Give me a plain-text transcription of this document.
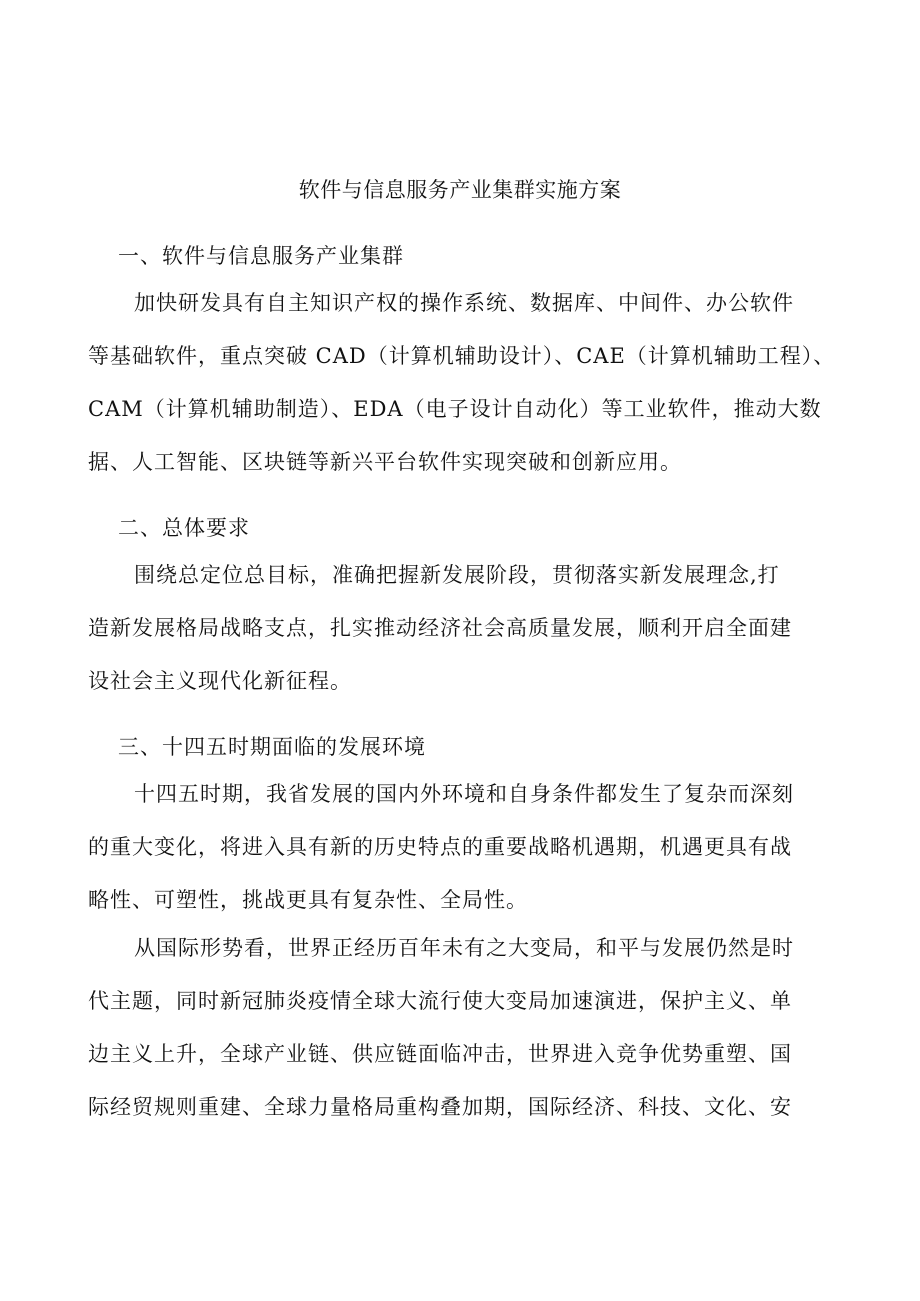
软件与信息服务产业集群实施方案
一、软件与信息服务产业集群
加快研发具有自主知识产权的操作系统、数据库、中间件、办公软件
等基础软件，重点突破 CAD（计算机辅助设计）、CAE（计算机辅助工程）、
CAM（计算机辅助制造）、EDA（电子设计自动化）等工业软件，推动大数
据、人工智能、区块链等新兴平台软件实现突破和创新应用。
二、总体要求
围绕总定位总目标，准确把握新发展阶段，贯彻落实新发展理念,打
造新发展格局战略支点，扎实推动经济社会高质量发展，顺利开启全面建
设社会主义现代化新征程。
三、十四五时期面临的发展环境
十四五时期，我省发展的国内外环境和自身条件都发生了复杂而深刻
的重大变化，将进入具有新的历史特点的重要战略机遇期，机遇更具有战
略性、可塑性，挑战更具有复杂性、全局性。
从国际形势看，世界正经历百年未有之大变局，和平与发展仍然是时
代主题，同时新冠肺炎疫情全球大流行使大变局加速演进，保护主义、单
边主义上升，全球产业链、供应链面临冲击，世界进入竞争优势重塑、国
际经贸规则重建、全球力量格局重构叠加期，国际经济、科技、文化、安
